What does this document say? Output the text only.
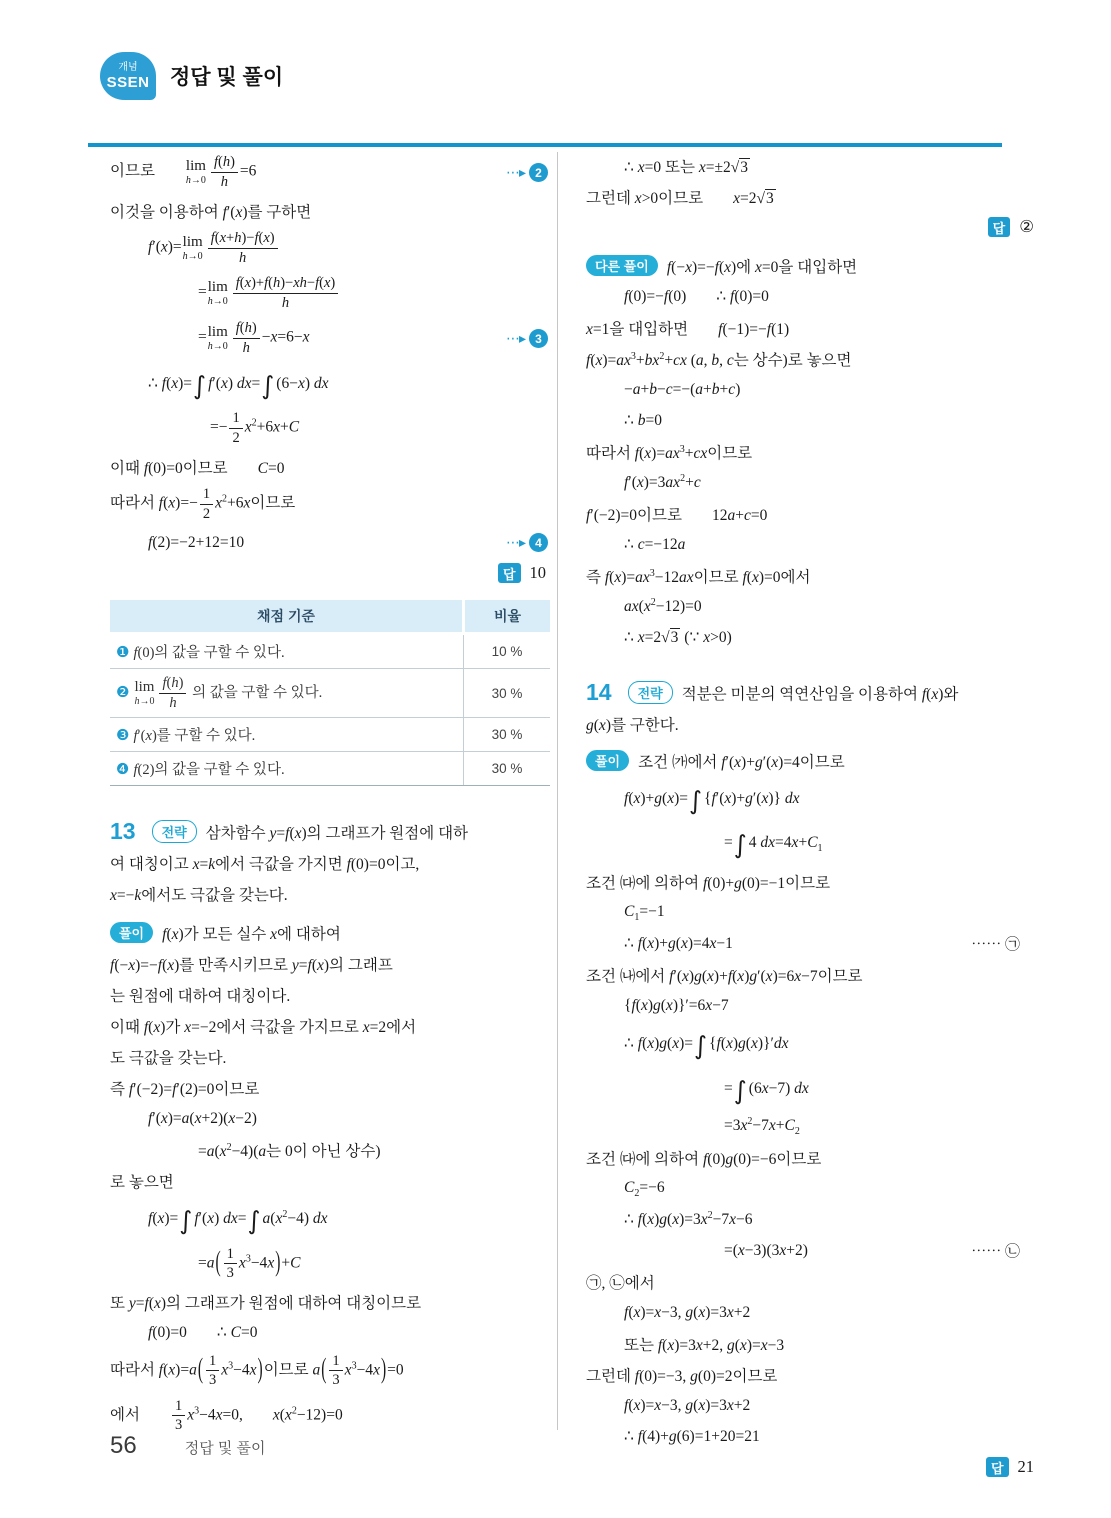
개념
SSEN 정답 및 풀이
이므로 lim
$h\to 0 \frac{f(h)}{h} =6$	⋯▸ 2
이것을 이용하여 f′(x)를 구하면
f′(x)= lim
$h\to 0 \frac{f(x+h)-f(x)}{h}$
= lim
$h\to 0 \frac{f(x)+f(h)-xh-f(x)}{h}$
= lim
$h\to 0 \frac{f(h)}{h} -x=6-x$	⋯▸ 3
∴ f(x)=∫ f′(x) dx=∫ (6−x) dx
=− $\frac{1}{2} x^2+6x+C$
이때 f(0)=0이므로 C=0
따라서 $f(x)=- \frac{1}{2} x^2+6x$이므로
f(2)=−2+12=10	⋯▸ 4
답 10
채점 기준	비율
❶ f(0)의 값을 구할 수 있다.	10 %
❷ lim
$h\to 0 \frac{f(h)}{h}$ 의 값을 구할 수 있다.	30 %
❸ f′(x)를 구할 수 있다.	30 %
❹ f(2)의 값을 구할 수 있다.	30 %
13	전략	삼차함수 y=f(x)의 그래프가 원점에 대하
여 대칭이고 x=k에서 극값을 가지면 f(0)=0이고,
x=−k에서도 극값을 갖는다.
풀이	f(x)가 모든 실수 x에 대하여
f(−x)=−f(x)를 만족시키므로 y=f(x)의 그래프
는 원점에 대하여 대칭이다.
이때 f(x)가 x=−2에서 극값을 가지므로 x=2에서
도 극값을 갖는다.
즉 f′(−2)=f′(2)=0이므로
f′(x)=a(x+2)(x−2)
$=a(x^2-4)(a$는 0이 아닌 상수)
로 놓으면
f(x)=∫ f′(x) dx=∫ $a(x^2-4)$ dx
$=a( \frac{1}{3} x^3-4x)+C$
또 y=f(x)의 그래프가 원점에 대하여 대칭이므로
f(0)=0 ∴ C=0
따라서 $f(x)=a( \frac{1}{3} x^3-4x)$이므로 $a( \frac{1}{3} x^3-4x)=0$
에서 $\frac{1}{3} x^3-4x=0$, $x(x^2-12)=0$
∴ x=0 또는 x=±2√3
그런데 x>0이므로 x=2√3
답 ②
다른 풀이	f(−x)=−f(x)에 x=0을 대입하면
f(0)=−f(0) ∴ f(0)=0
x=1을 대입하면 f(−1)=−f(1)
$f(x)=ax^3+bx^2+cx$ (a, b, c는 상수)로 놓으면
−a+b−c=−(a+b+c)
∴ b=0
따라서 $f(x)=ax^3+cx$이므로
$f'(x)=3ax^2+c$
f′(−2)=0이므로 12a+c=0
∴ c=−12a
즉 $f(x)=ax^3-12ax$이므로 f(x)=0에서
$ax(x^2-12)=0$
∴ x=2√3 (∵ x>0)
14	전략	적분은 미분의 역연산임을 이용하여 f(x)와
g(x)를 구한다.
풀이	조건 ㈎에서 f′(x)+g′(x)=4이므로
f(x)+g(x)=∫ {f′(x)+g′(x)} dx
=∫ 4 $dx=4x+C_1$
조건 ㈐에 의하여 f(0)+g(0)=−1이므로
$C_1=-1$
∴ f(x)+g(x)=4x−1	⋯⋯ ㉠
조건 ㈏에서 f′(x)g(x)+f(x)g′(x)=6x−7이므로
{f(x)g(x)}′=6x−7
∴ f(x)g(x)=∫ {f(x)g(x)}′dx
=∫ (6x−7) dx
$=3x^2-7x+C_2$
조건 ㈐에 의하여 f(0)g(0)=−6이므로
$C_2=-6$
∴ $f(x)g(x)=3x^2-7x-6$
=(x−3)(3x+2)	⋯⋯ ㉡
㉠, ㉡에서
f(x)=x−3, g(x)=3x+2
또는 f(x)=3x+2, g(x)=x−3
그런데 f(0)=−3, g(0)=2이므로
f(x)=x−3, g(x)=3x+2
∴ f(4)+g(6)=1+20=21
답 21
56	정답 및 풀이
